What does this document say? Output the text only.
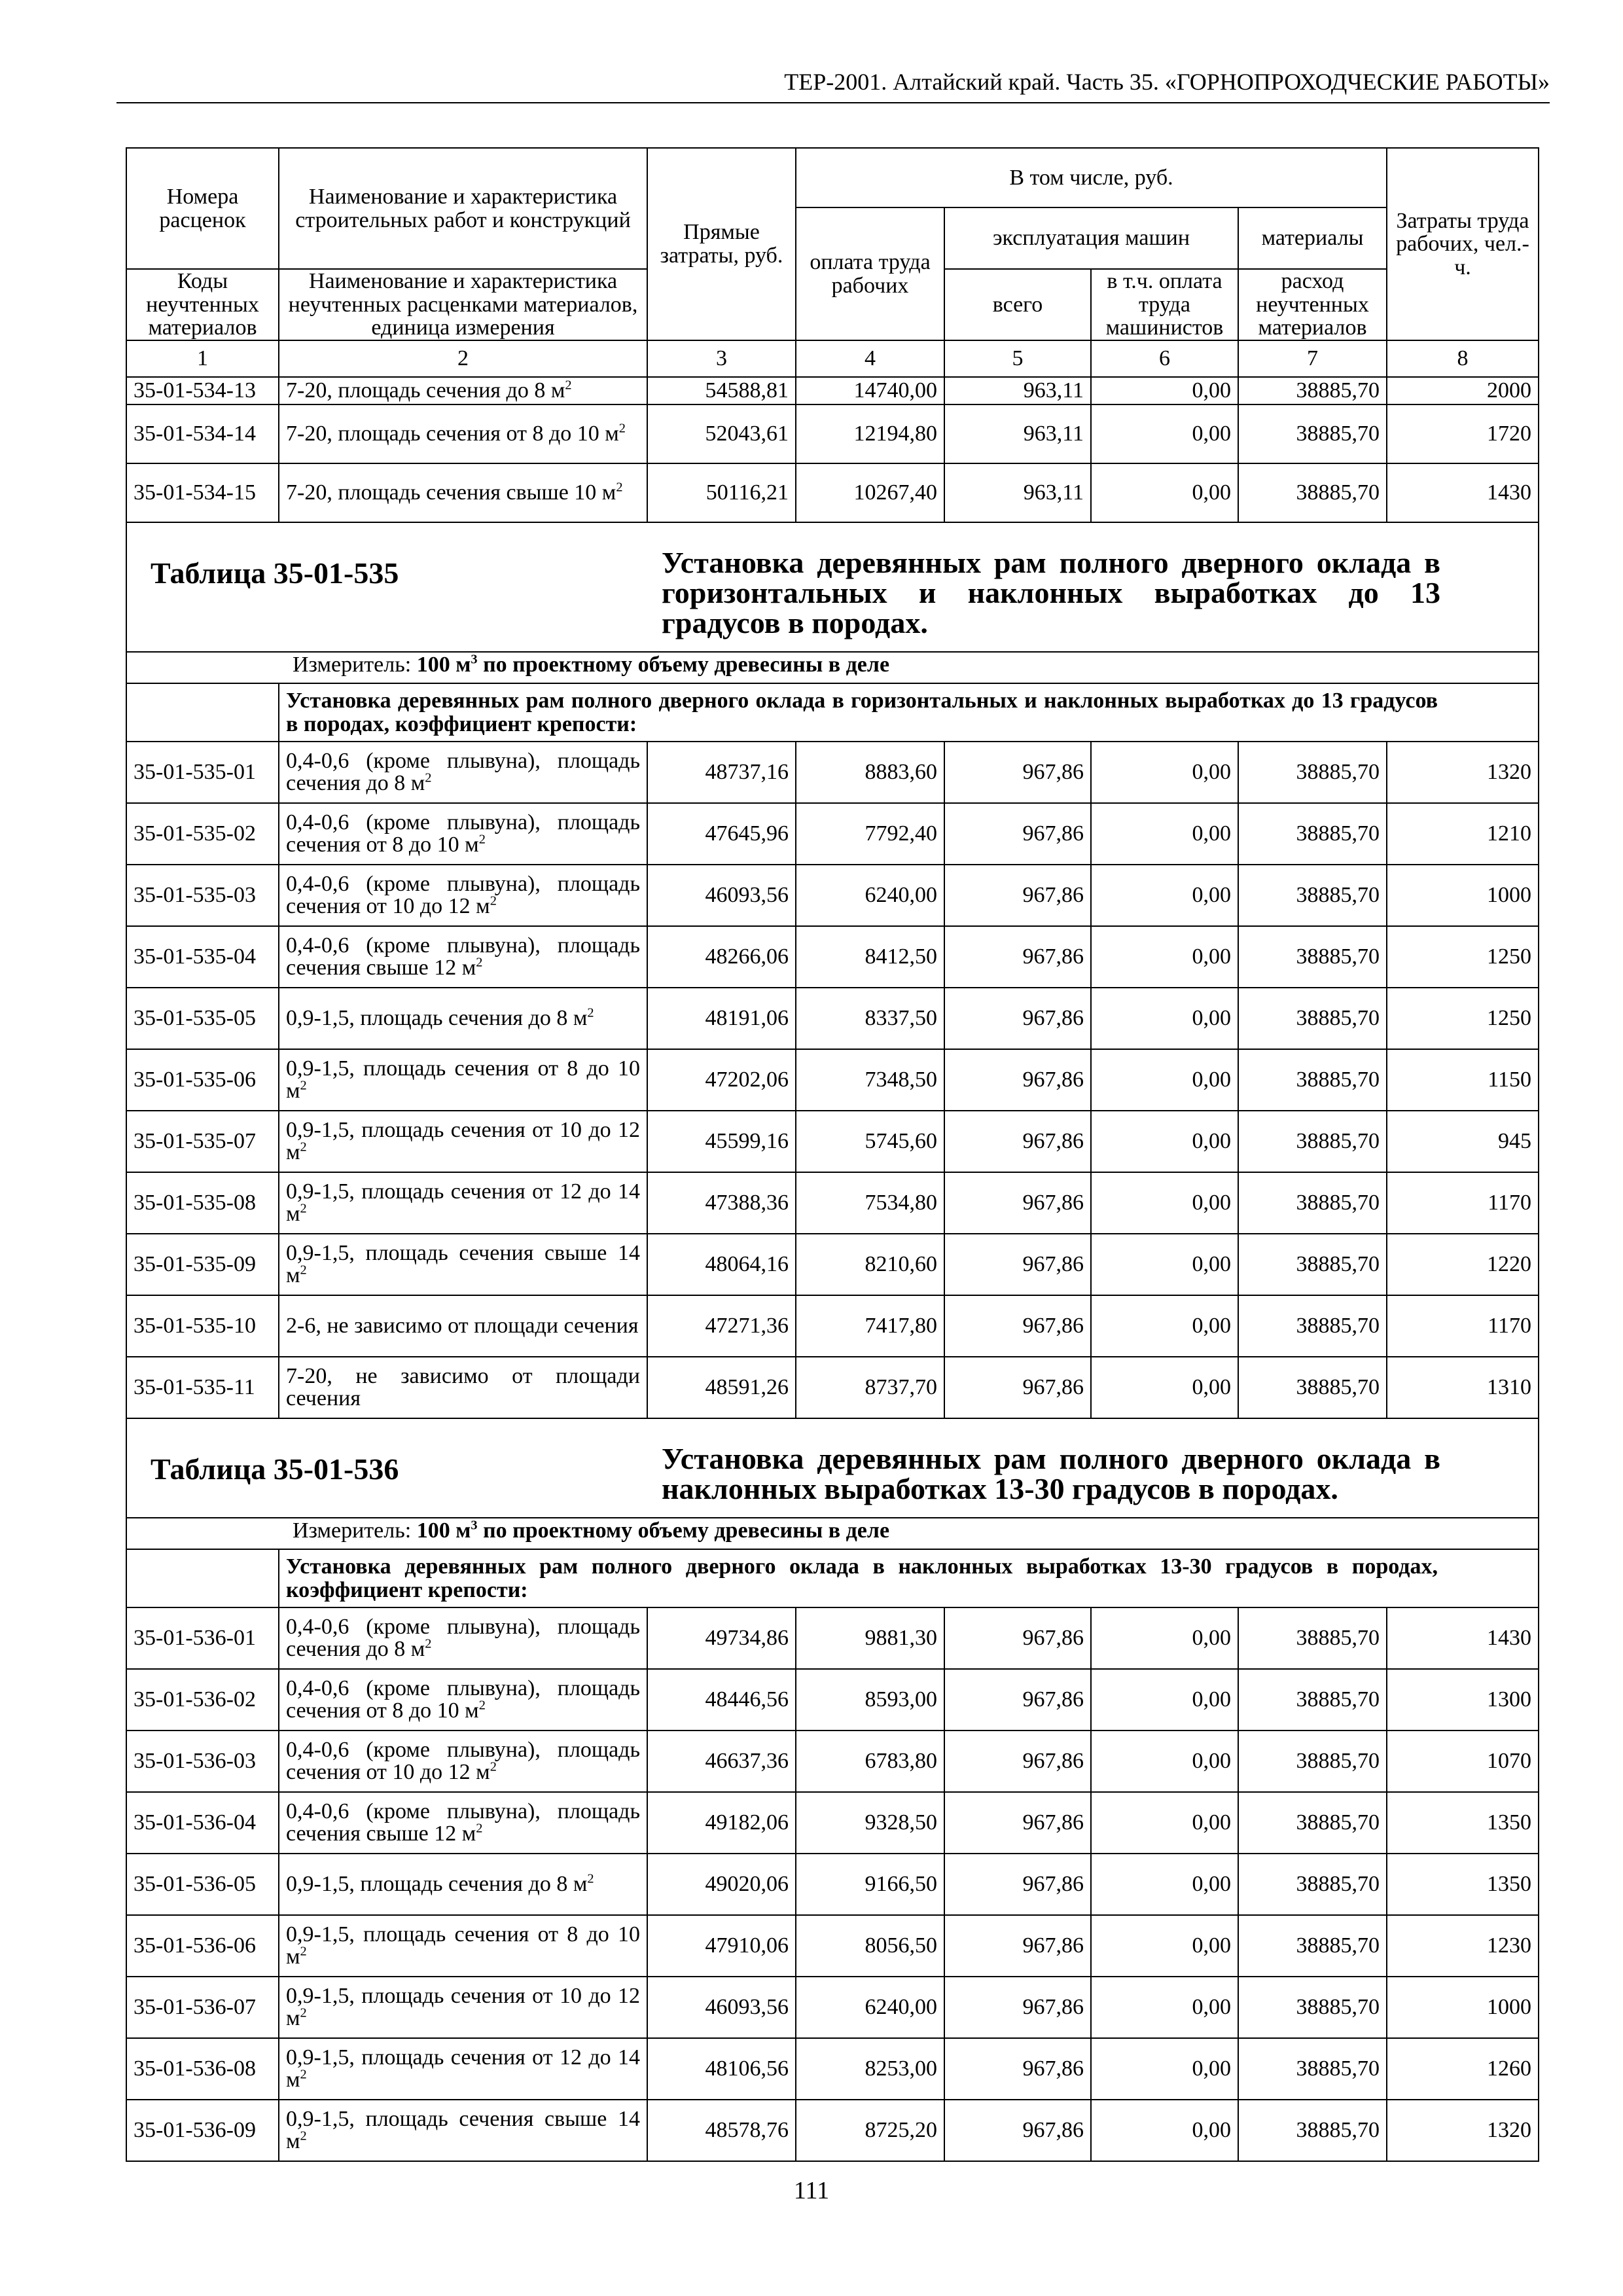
ТЕР-2001. Алтайский край. Часть 35. «ГОРНОПРОХОДЧЕСКИЕ РАБОТЫ»
Номера расценок	Наименование и характеристика строительных работ и конструкций	Прямые затраты, руб.	В том числе, руб.				Затраты труда рабочих, чел.-ч.
			оплата труда рабочих	эксплуатация машин		материалы	
Коды неучтенных материалов	Наименование и характеристика неучтенных расценками материалов, единица измерения			всего	в т.ч. оплата труда машинистов	расход неучтенных материалов	
1	2	3	4	5	6	7	8
35-01-534-13	7-20, площадь сечения до 8 $м^2$	54588,81	14740,00	963,11	0,00	38885,70	2000
35-01-534-14	7-20, площадь сечения от 8 до 10 $м^2$	52043,61	12194,80	963,11	0,00	38885,70	1720
35-01-534-15	7-20, площадь сечения свыше 10 $м^2$	50116,21	10267,40	963,11	0,00	38885,70	1430

Таблица 35-01-535 Установка деревянных рам полного дверного оклада в горизонтальных и наклонных выработках до 13 градусов в породах.							

Измеритель: 100 $м^3$ по проектному объему древесины в деле							

	Установка деревянных рам полного дверного оклада в горизонтальных и наклонных выработках до 13 градусов в породах, коэффициент крепости:						

35-01-535-01	0,4-0,6 (кроме плывуна), площадь сечения до 8 $м^2$	48737,16	8883,60	967,86	0,00	38885,70	1320
35-01-535-02	0,4-0,6 (кроме плывуна), площадь сечения от 8 до 10 $м^2$	47645,96	7792,40	967,86	0,00	38885,70	1210
35-01-535-03	0,4-0,6 (кроме плывуна), площадь сечения от 10 до 12 $м^2$	46093,56	6240,00	967,86	0,00	38885,70	1000
35-01-535-04	0,4-0,6 (кроме плывуна), площадь сечения свыше 12 $м^2$	48266,06	8412,50	967,86	0,00	38885,70	1250
35-01-535-05	0,9-1,5, площадь сечения до 8 $м^2$	48191,06	8337,50	967,86	0,00	38885,70	1250
35-01-535-06	0,9-1,5, площадь сечения от 8 до 10 $м^2$	47202,06	7348,50	967,86	0,00	38885,70	1150
35-01-535-07	0,9-1,5, площадь сечения от 10 до 12 $м^2$	45599,16	5745,60	967,86	0,00	38885,70	945
35-01-535-08	0,9-1,5, площадь сечения от 12 до 14 $м^2$	47388,36	7534,80	967,86	0,00	38885,70	1170
35-01-535-09	0,9-1,5, площадь сечения свыше 14 $м^2$	48064,16	8210,60	967,86	0,00	38885,70	1220
35-01-535-10	2-6, не зависимо от площади сечения	47271,36	7417,80	967,86	0,00	38885,70	1170
35-01-535-11	7-20, не зависимо от площади сечения	48591,26	8737,70	967,86	0,00	38885,70	1310

Таблица 35-01-536 Установка деревянных рам полного дверного оклада в наклонных выработках 13-30 градусов в породах.							

Измеритель: 100 $м^3$ по проектному объему древесины в деле							

	Установка деревянных рам полного дверного оклада в наклонных выработках 13-30 градусов в породах, коэффициент крепости:						

35-01-536-01	0,4-0,6 (кроме плывуна), площадь сечения до 8 $м^2$	49734,86	9881,30	967,86	0,00	38885,70	1430
35-01-536-02	0,4-0,6 (кроме плывуна), площадь сечения от 8 до 10 $м^2$	48446,56	8593,00	967,86	0,00	38885,70	1300
35-01-536-03	0,4-0,6 (кроме плывуна), площадь сечения от 10 до 12 $м^2$	46637,36	6783,80	967,86	0,00	38885,70	1070
35-01-536-04	0,4-0,6 (кроме плывуна), площадь сечения свыше 12 $м^2$	49182,06	9328,50	967,86	0,00	38885,70	1350
35-01-536-05	0,9-1,5, площадь сечения до 8 $м^2$	49020,06	9166,50	967,86	0,00	38885,70	1350
35-01-536-06	0,9-1,5, площадь сечения от 8 до 10 $м^2$	47910,06	8056,50	967,86	0,00	38885,70	1230
35-01-536-07	0,9-1,5, площадь сечения от 10 до 12 $м^2$	46093,56	6240,00	967,86	0,00	38885,70	1000
35-01-536-08	0,9-1,5, площадь сечения от 12 до 14 $м^2$	48106,56	8253,00	967,86	0,00	38885,70	1260
35-01-536-09	0,9-1,5, площадь сечения свыше 14 $м^2$	48578,76	8725,20	967,86	0,00	38885,70	1320
111
